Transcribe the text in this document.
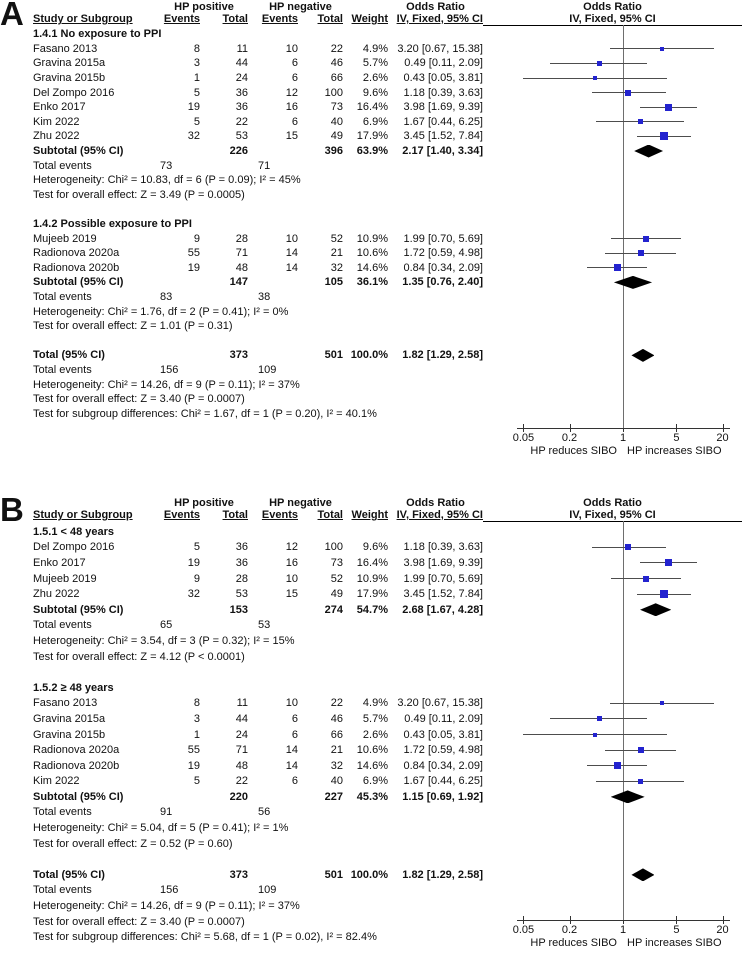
A	HP positive	HP negative	Odds Ratio	Odds Ratio
Study or Subgroup	Events	Total	Events	Total Weight IV, Fixed, 95% CI	IV, Fixed, 95% CI
1.4.1 No exposure to PPI
Fasano 2013	8	11	10	22	4.9% 3.20 [0.67, 15.38]
Gravina 2015a	3	44	6	46	5.7%	0.49 [0.11, 2.09]
Gravina 2015b	1	24	6	66	2.6%	0.43 [0.05, 3.81]
Del Zompo 2016	5	36	12	100	9.6%	1.18 [0.39, 3.63]
Enko 2017	19	36	16	73	16.4%	3.98 [1.69, 9.39]
Kim 2022	5	22	6	40	6.9%	1.67 [0.44, 6.25]
Zhu 2022	32	53	15	49	17.9%	3.45 [1.52, 7.84]
Subtotal (95% CI)	226	396	63.9%	2.17 [1.40, 3.34]
Total events	73	71
Heterogeneity: Chi² = 10.83, df = 6 (P = 0.09); I² = 45%
Test for overall effect: Z = 3.49 (P = 0.0005)
1.4.2 Possible exposure to PPI
Mujeeb 2019	9	28	10	52	10.9%	1.99 [0.70, 5.69]
Radionova 2020a	55	71	14	21	10.6%	1.72 [0.59, 4.98]
Radionova 2020b	19	48	14	32	14.6%	0.84 [0.34, 2.09]
Subtotal (95% CI)	147	105	36.1%	1.35 [0.76, 2.40]
Total events	83	38
Heterogeneity: Chi² = 1.76, df = 2 (P = 0.41); I² = 0%
Test for overall effect: Z = 1.01 (P = 0.31)
Total (95% CI)	373	501 100.0%	1.82 [1.29, 2.58]
Total events	156	109
Heterogeneity: Chi² = 14.26, df = 9 (P = 0.11); I² = 37%
Test for overall effect: Z = 3.40 (P = 0.0007)
Test for subgroup differences: Chi² = 1.67, df = 1 (P = 0.20), I² = 40.1%
0.05	0.2	1	5	20
HP reduces SIBO HP increases SIBO
B	HP positive	HP negative	Odds Ratio	Odds Ratio
Study or Subgroup	Events	Total	Events	Total Weight IV, Fixed, 95% CI	IV, Fixed, 95% CI
1.5.1 < 48 years
Del Zompo 2016	5	36	12	100	9.6%	1.18 [0.39, 3.63]
Enko 2017	19	36	16	73	16.4%	3.98 [1.69, 9.39]
Mujeeb 2019	9	28	10	52	10.9%	1.99 [0.70, 5.69]
Zhu 2022	32	53	15	49	17.9%	3.45 [1.52, 7.84]
Subtotal (95% CI)	153	274	54.7%	2.68 [1.67, 4.28]
Total events	65	53
Heterogeneity: Chi² = 3.54, df = 3 (P = 0.32); I² = 15%
Test for overall effect: Z = 4.12 (P < 0.0001)
1.5.2 ≥ 48 years
Fasano 2013	8	11	10	22	4.9% 3.20 [0.67, 15.38]
Gravina 2015a	3	44	6	46	5.7%	0.49 [0.11, 2.09]
Gravina 2015b	1	24	6	66	2.6%	0.43 [0.05, 3.81]
Radionova 2020a	55	71	14	21	10.6%	1.72 [0.59, 4.98]
Radionova 2020b	19	48	14	32	14.6%	0.84 [0.34, 2.09]
Kim 2022	5	22	6	40	6.9%	1.67 [0.44, 6.25]
Subtotal (95% CI)	220	227	45.3%	1.15 [0.69, 1.92]
Total events	91	56
Heterogeneity: Chi² = 5.04, df = 5 (P = 0.41); I² = 1%
Test for overall effect: Z = 0.52 (P = 0.60)
Total (95% CI)	373	501 100.0%	1.82 [1.29, 2.58]
Total events	156	109
Heterogeneity: Chi² = 14.26, df = 9 (P = 0.11); I² = 37%
Test for overall effect: Z = 3.40 (P = 0.0007)
Test for subgroup differences: Chi² = 5.68, df = 1 (P = 0.02), I² = 82.4%
0.05	0.2	1	5	20
HP reduces SIBO HP increases SIBO
